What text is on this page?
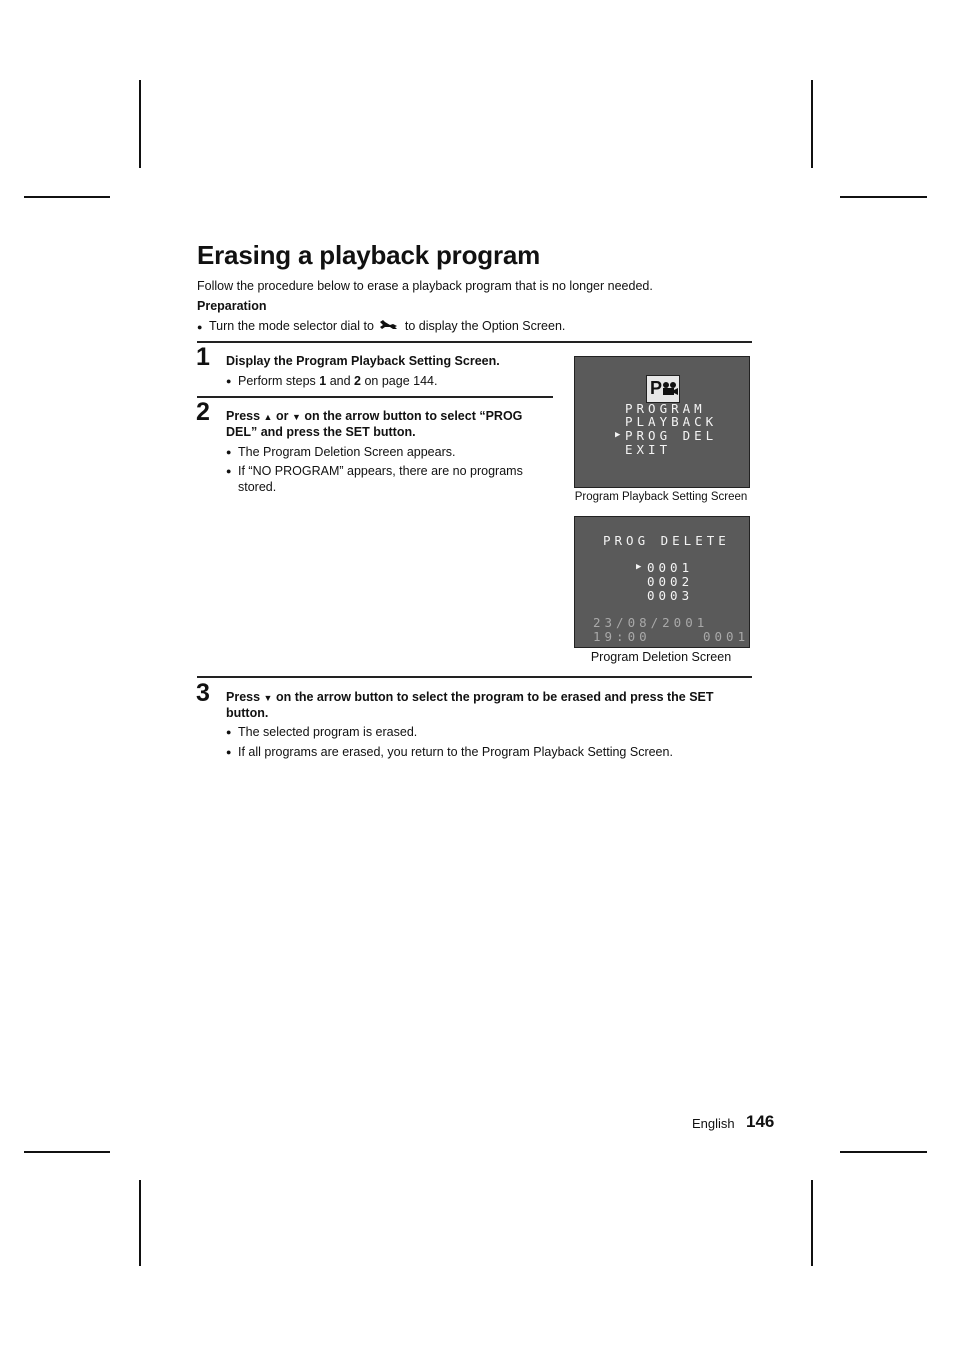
Erasing a playback program
Follow the procedure below to erase a playback program that is no longer needed.
Preparation
Turn the mode selector dial to to display the Option Screen.
1 Display the Program Playback Setting Screen.
Perform steps 1 and 2 on page 144.
2 Press ▲ or ▼ on the arrow button to select “PROG
DEL” and press the SET button.
The Program Deletion Screen appears.
If “NO PROGRAM” appears, there are no programs
stored.
P
PROGRAM
PLAYBACK
▶ PROG DEL
EXIT
Program Playback Setting Screen
PROG DELETE
▶ 0001
0002
0003
23/08/2001
19:00	0001
Program Deletion Screen
3 Press ▼ on the arrow button to select the program to be erased and press the SET
button.
The selected program is erased.
If all programs are erased, you return to the Program Playback Setting Screen.
English 146
